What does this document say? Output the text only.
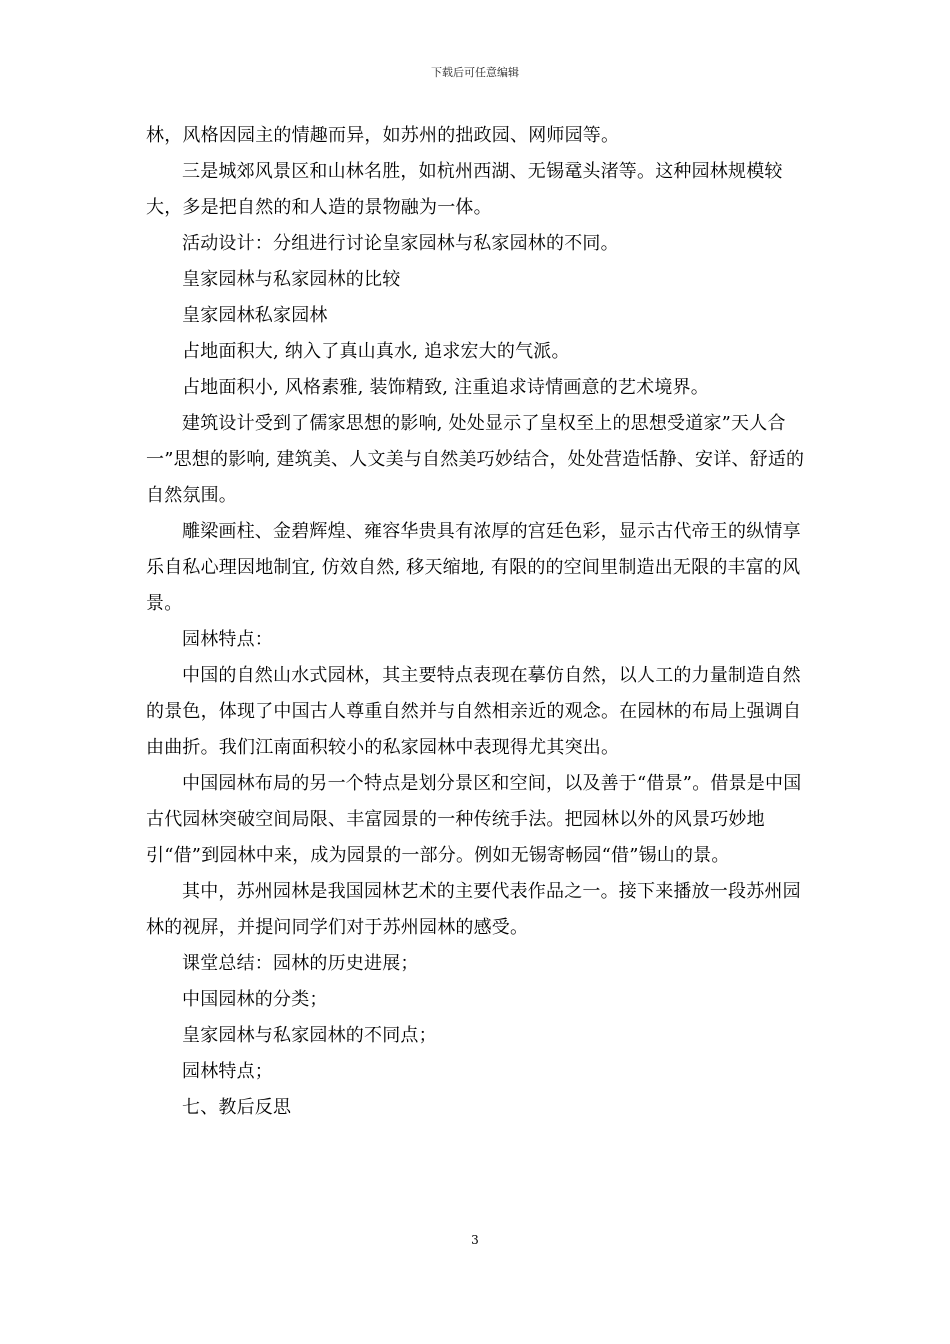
下载后可任意编辑

林，风格因园主的情趣而异，如苏州的拙政园、网师园等。

三是城郊风景区和山林名胜，如杭州西湖、无锡鼋头渚等。这种园林规模较大，多是把自然的和人造的景物融为一体。

活动设计：分组进行讨论皇家园林与私家园林的不同。

皇家园林与私家园林的比较

皇家园林私家园林

占地面积大, 纳入了真山真水, 追求宏大的气派。

占地面积小, 风格素雅, 装饰精致, 注重追求诗情画意的艺术境界。

建筑设计受到了儒家思想的影响, 处处显示了皇权至上的思想受道家”天人合一”思想的影响, 建筑美、人文美与自然美巧妙结合，处处营造恬静、安详、舒适的自然氛围。

雕梁画柱、金碧辉煌、雍容华贵具有浓厚的宫廷色彩，显示古代帝王的纵情享乐自私心理因地制宜, 仿效自然, 移天缩地, 有限的的空间里制造出无限的丰富的风景。

园林特点：

中国的自然山水式园林，其主要特点表现在摹仿自然，以人工的力量制造自然的景色，体现了中国古人尊重自然并与自然相亲近的观念。在园林的布局上强调自由曲折。我们江南面积较小的私家园林中表现得尤其突出。

中国园林布局的另一个特点是划分景区和空间，以及善于“借景”。借景是中国古代园林突破空间局限、丰富园景的一种传统手法。把园林以外的风景巧妙地引“借”到园林中来，成为园景的一部分。例如无锡寄畅园“借”锡山的景。

其中，苏州园林是我国园林艺术的主要代表作品之一。接下来播放一段苏州园林的视屏，并提问同学们对于苏州园林的感受。

课堂总结：园林的历史进展；

中国园林的分类；

皇家园林与私家园林的不同点；

园林特点；

七、教后反思

3
